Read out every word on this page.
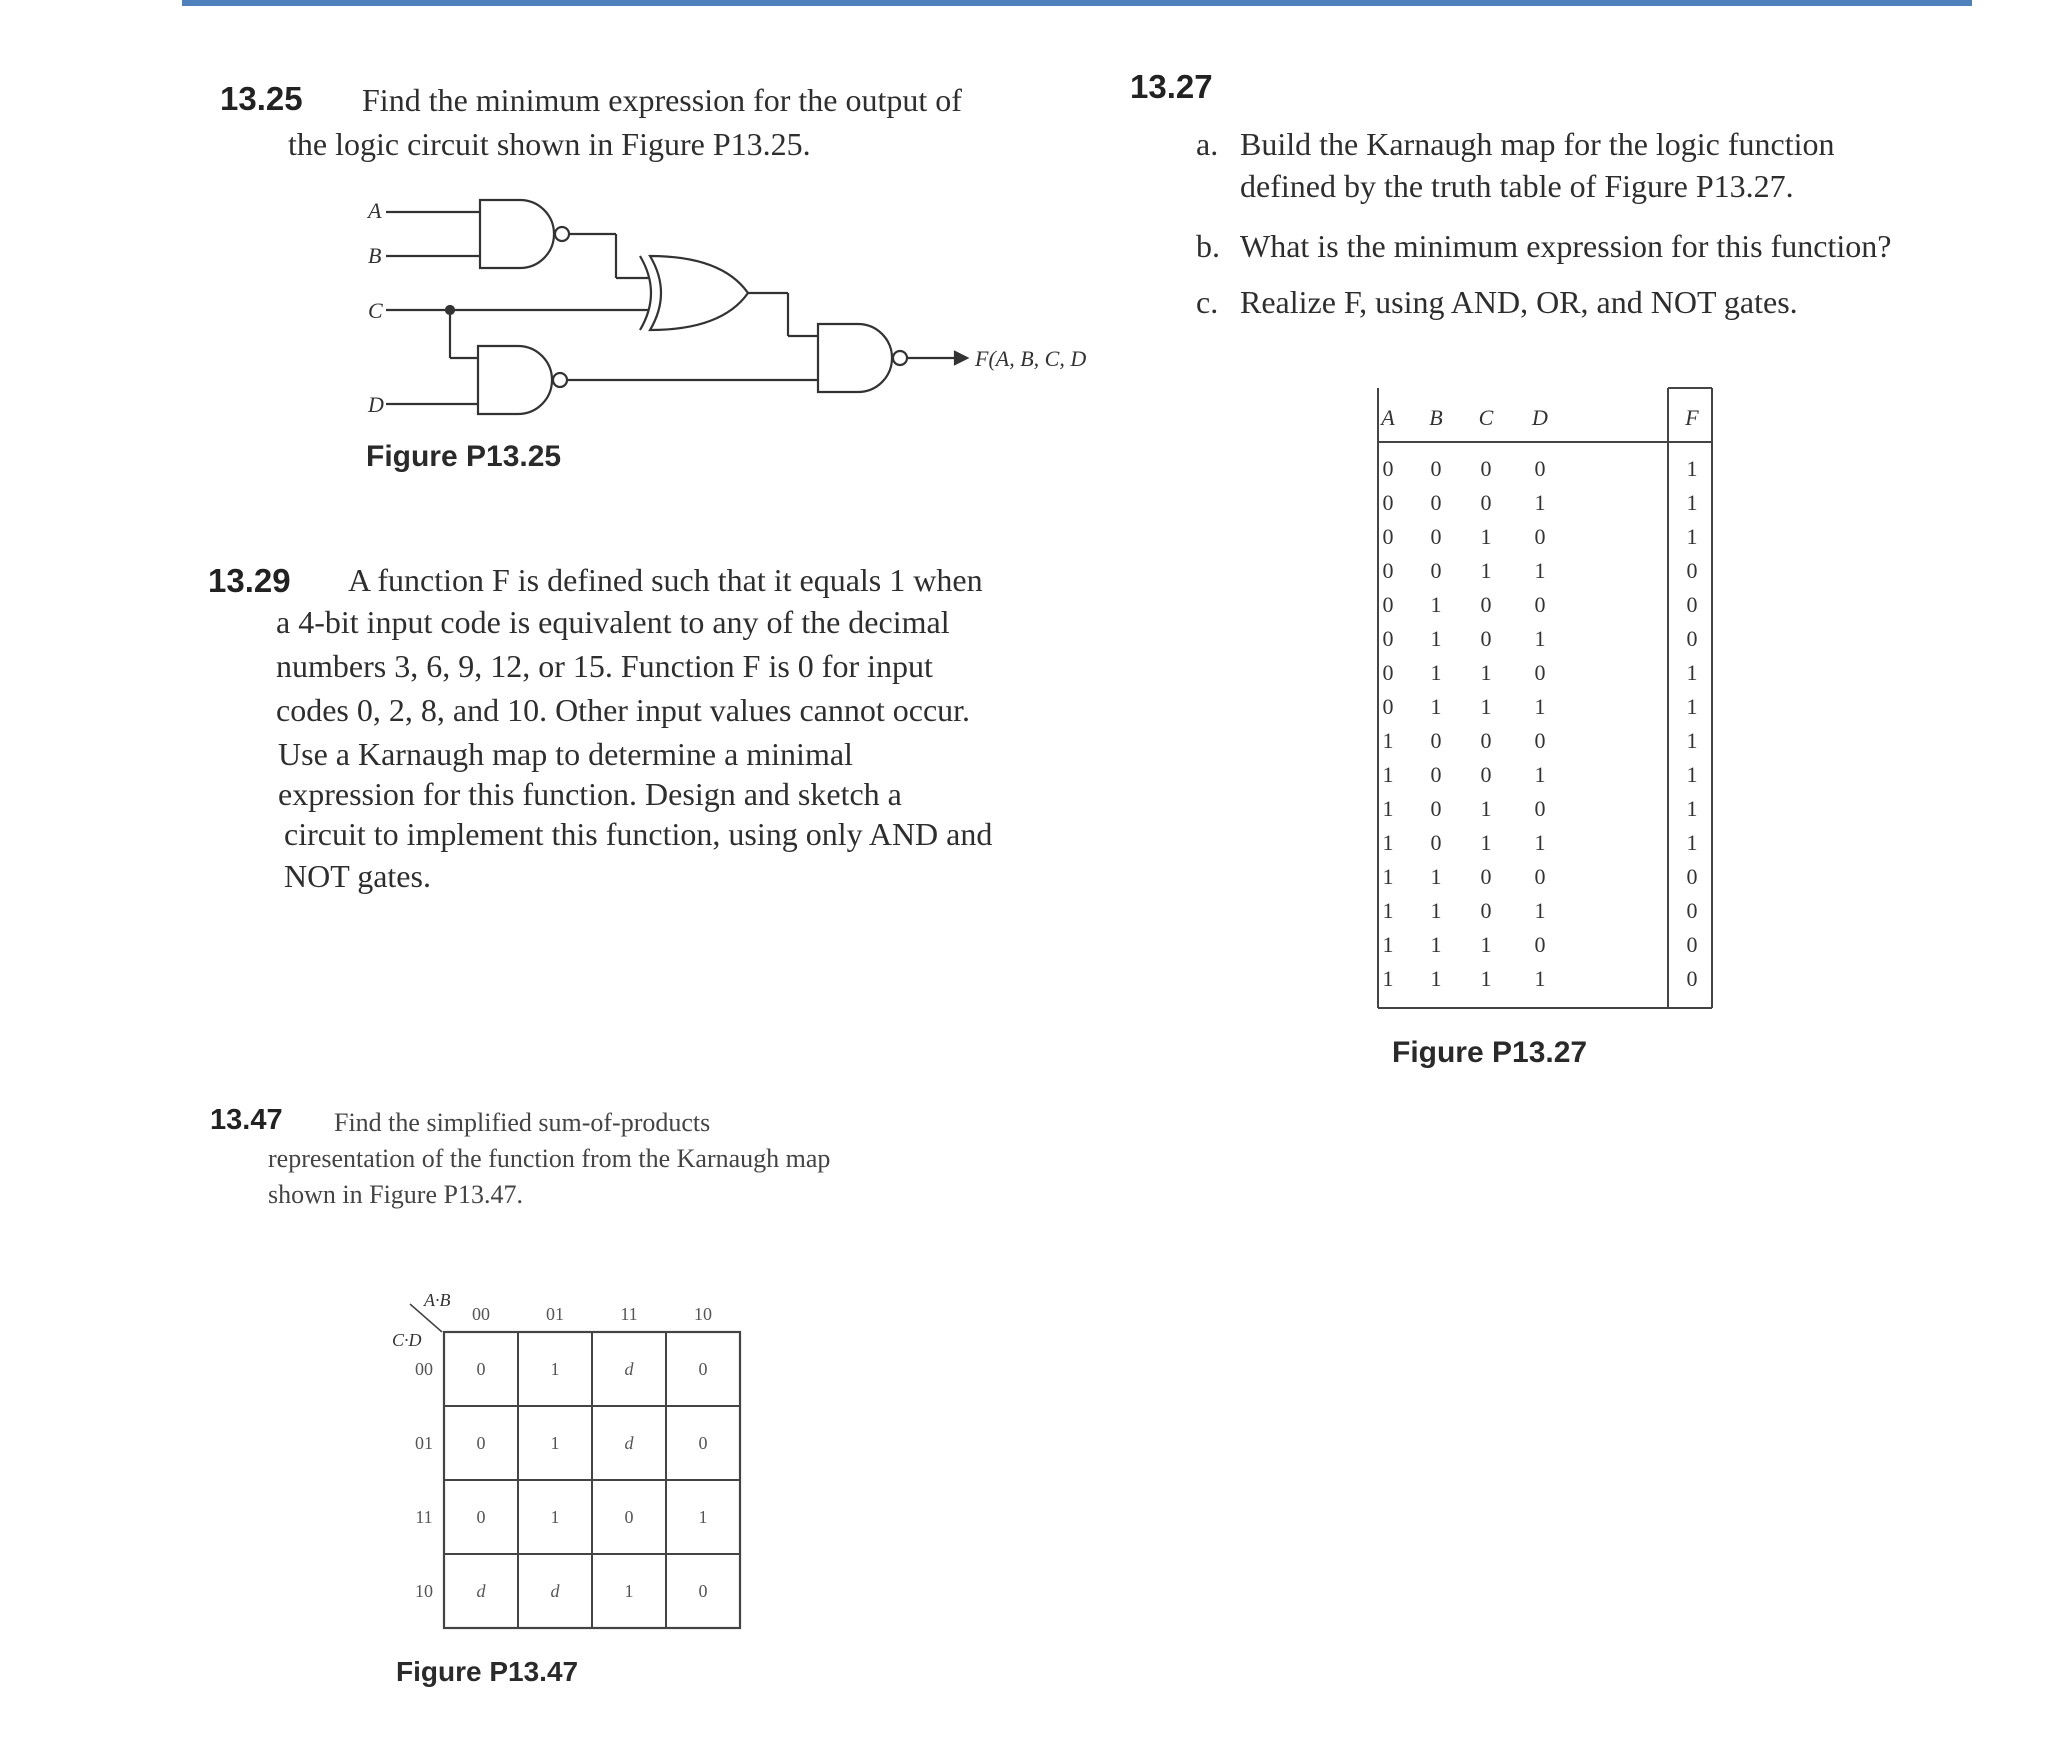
13.25 Find the minimum expression for the output of
the logic circuit shown in Figure P13.25.
A
B
C
D
F(A, B, C, D
Figure P13.25
13.29 A function F is defined such that it equals 1 when
a 4-bit input code is equivalent to any of the decimal
numbers 3, 6, 9, 12, or 15. Function F is 0 for input
codes 0, 2, 8, and 10. Other input values cannot occur.
Use a Karnaugh map to determine a minimal
expression for this function. Design and sketch a
circuit to implement this function, using only AND and
NOT gates.
13.47 Find the simplified sum-of-products
representation of the function from the Karnaugh map
shown in Figure P13.47.
A·B
C·D
00	01	11	10
00
01
11
10
0	1	d	0
0	1	d	0
0	1	0	1
d	d	1	0
Figure P13.47
13.27
a. Build the Karnaugh map for the logic function
defined by the truth table of Figure P13.27.
b. What is the minimum expression for this function?
c. Realize F, using AND, OR, and NOT gates.
A B C D	F
0 0 0 0	1
0 0 0 1	1
0 0 1 0	1
0 0 1 1	0
0 1 0 0	0
0 1 0 1	0
0 1 1 0	1
0 1 1 1	1
1 0 0 0	1
1 0 0 1	1
1 0 1 0	1
1 0 1 1	1
1 1 0 0	0
1 1 0 1	0
1 1 1 0	0
1 1 1 1	0
Figure P13.27
